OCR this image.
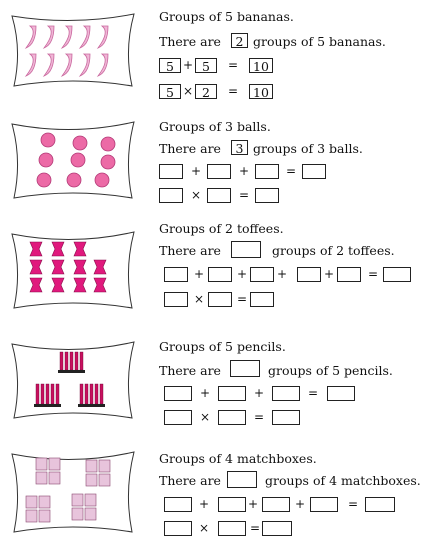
Groups of 5 bananas.
There are	2 groups of 5 bananas.
5 + 5	=	10
5 × 2	=	10
Groups of 3 balls.
There are	3 groups of 3 balls.
+	+	=
×	=
Groups of 2 toffees.
There are	groups of 2 toffees.
+	+ +	+	=
×	=
Groups of 5 pencils.
There are	groups of 5 pencils.
+	+	=
×	=
Groups of 4 matchboxes.
There are	groups of 4 matchboxes.
+	+	+	=
×	=
